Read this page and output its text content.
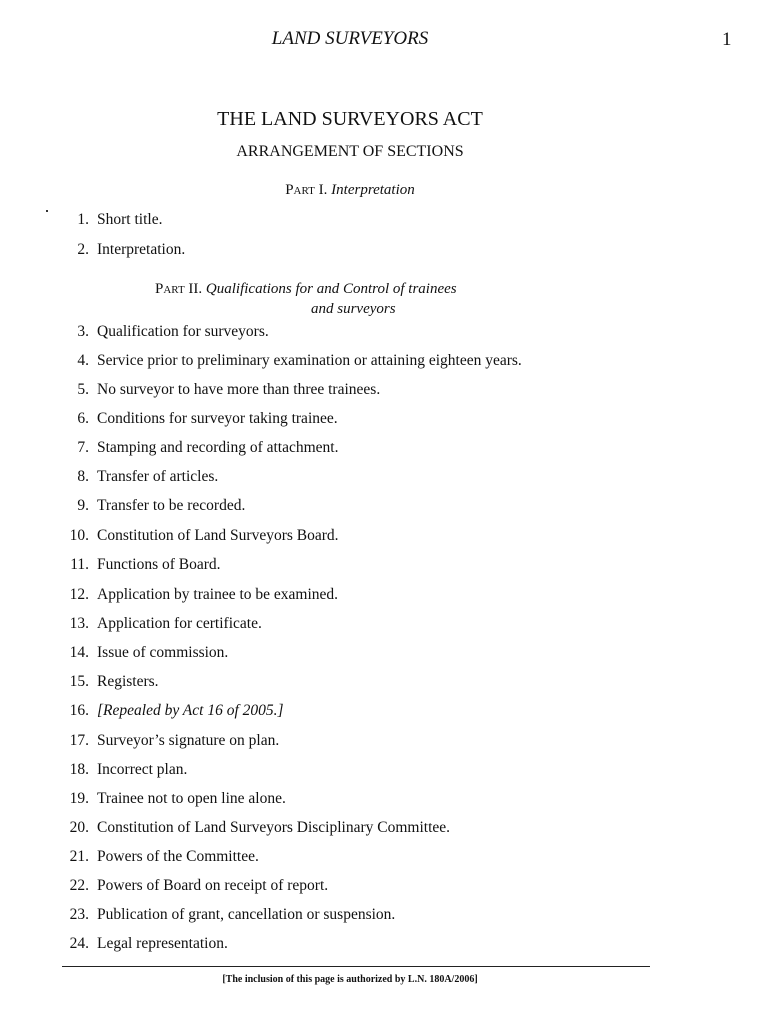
LAND SURVEYORS	1
THE LAND SURVEYORS ACT
ARRANGEMENT OF SECTIONS
Part I. Interpretation
Part II. Qualifications for and Control of trainees
and surveyors
1. Short title.
2. Interpretation.
3. Qualification for surveyors.
4. Service prior to preliminary examination or attaining eighteen years.
5. No surveyor to have more than three trainees.
6. Conditions for surveyor taking trainee.
7. Stamping and recording of attachment.
8. Transfer of articles.
9. Transfer to be recorded.
10. Constitution of Land Surveyors Board.
11. Functions of Board.
12. Application by trainee to be examined.
13. Application for certificate.
14. Issue of commission.
15. Registers.
16. [Repealed by Act 16 of 2005.]
17. Surveyor’s signature on plan.
18. Incorrect plan.
19. Trainee not to open line alone.
20. Constitution of Land Surveyors Disciplinary Committee.
21. Powers of the Committee.
22. Powers of Board on receipt of report.
23. Publication of grant, cancellation or suspension.
24. Legal representation.
[The inclusion of this page is authorized by L.N. 180A/2006]
